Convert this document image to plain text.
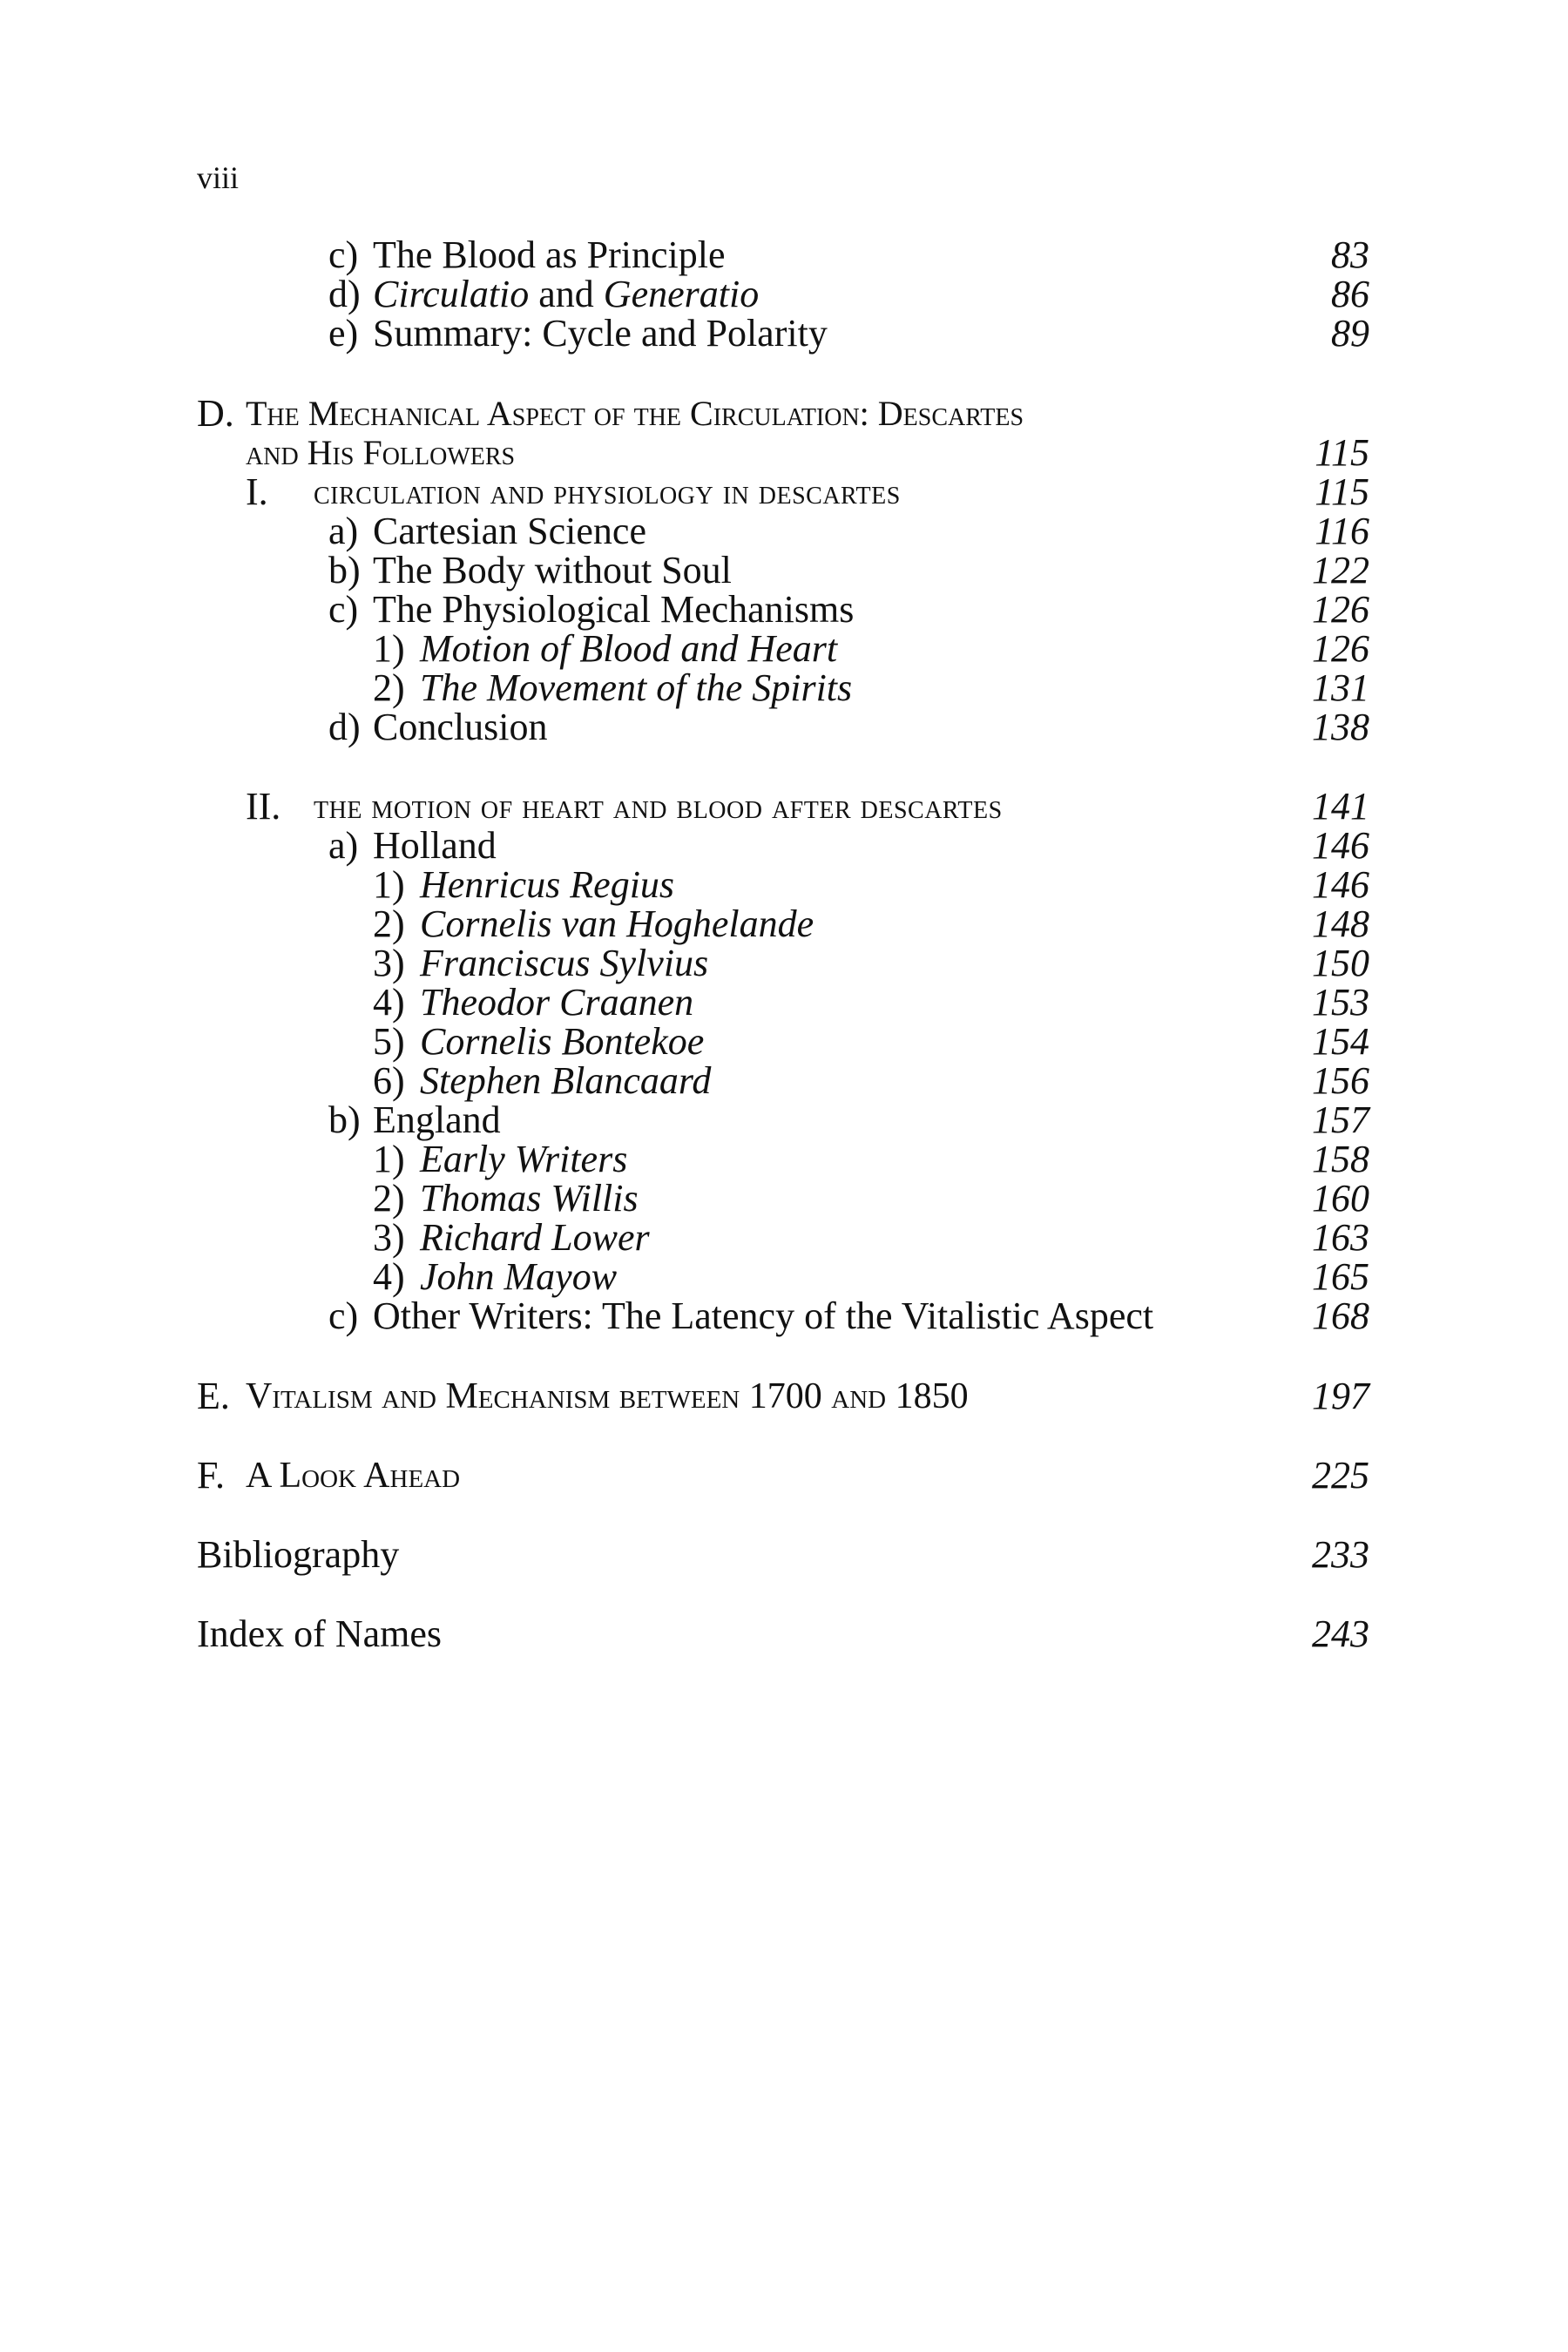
viii
c) The Blood as Principle	83
d) Circulatio and Generatio	86
e) Summary: Cycle and Polarity	89
D. The Mechanical Aspect of the Circulation: Descartes
and His Followers	115
I. circulation and physiology in descartes	115
a) Cartesian Science	116
b) The Body without Soul	122
c) The Physiological Mechanisms	126
1) Motion of Blood and Heart	126
2) The Movement of the Spirits	131
d) Conclusion	138
II. the motion of heart and blood after descartes	141
a) Holland	146
1) Henricus Regius	146
2) Cornelis van Hoghelande	148
3) Franciscus Sylvius	150
4) Theodor Craanen	153
5) Cornelis Bontekoe	154
6) Stephen Blancaard	156
b) England	157
1) Early Writers	158
2) Thomas Willis	160
3) Richard Lower	163
4) John Mayow	165
c) Other Writers: The Latency of the Vitalistic Aspect	168
E. Vitalism and Mechanism between 1700 and 1850	197
F. A Look Ahead	225
Bibliography	233
Index of Names	243
